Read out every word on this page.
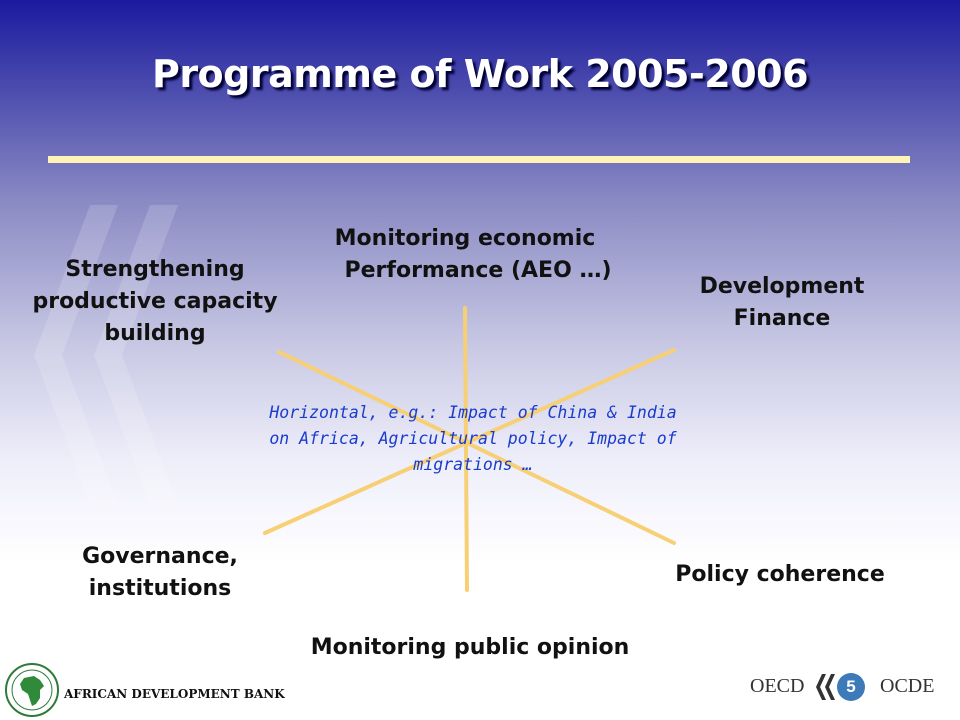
Programme of Work 2005-2006
Monitoring economic
Performance (AEO …)
Strengthening
productive capacity
building
Development
Finance
Horizontal, e.g.: Impact of China & India
on Africa, Agricultural policy, Impact of
migrations …
Governance,
institutions
Policy coherence
Monitoring public opinion
AFRICAN DEVELOPMENT BANK	OECD	5	OCDE
